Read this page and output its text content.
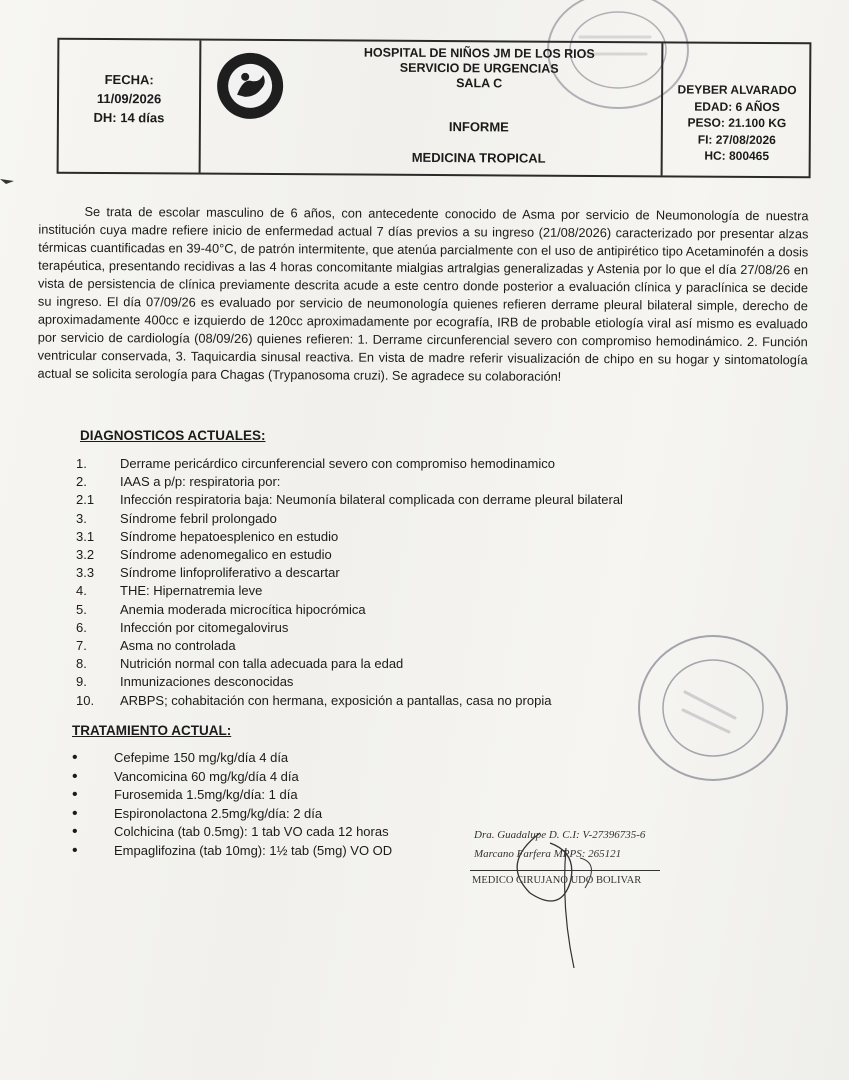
FECHA:
11/09/2026
DH: 14 días
HOSPITAL DE NIÑOS JM DE LOS RIOS
SERVICIO DE URGENCIAS
SALA C
INFORME
MEDICINA TROPICAL
DEYBER ALVARADO
EDAD: 6 AÑOS
PESO: 21.100 KG
FI: 27/08/2026
HC: 800465

Se trata de escolar masculino de 6 años, con antecedente conocido de Asma por servicio de Neumonología de nuestra institución cuya madre refiere inicio de enfermedad actual 7 días previos a su ingreso (21/08/2026) caracterizado por presentar alzas térmicas cuantificadas en 39-40°C, de patrón intermitente, que atenúa parcialmente con el uso de antipirético tipo Acetaminofén a dosis terapéutica, presentando recidivas a las 4 horas concomitante mialgias artralgias generalizadas y Astenia por lo que el día 27/08/26 en vista de persistencia de clínica previamente descrita acude a este centro donde posterior a evaluación clínica y paraclínica se decide su ingreso. El día 07/09/26 es evaluado por servicio de neumonología quienes refieren derrame pleural bilateral simple, derecho de aproximadamente 400cc e izquierdo de 120cc aproximadamente por ecografía, IRB de probable etiología viral así mismo es evaluado por servicio de cardiología (08/09/26) quienes refieren: 1. Derrame circunferencial severo con compromiso hemodinámico. 2. Función ventricular conservada, 3. Taquicardia sinusal reactiva. En vista de madre referir visualización de chipo en su hogar y sintomatología actual se solicita serología para Chagas (Trypanosoma cruzi). Se agradece su colaboración!

DIAGNOSTICOS ACTUALES:
1.	Derrame pericárdico circunferencial severo con compromiso hemodinamico
2.	IAAS a p/p: respiratoria por:
2.1	Infección respiratoria baja: Neumonía bilateral complicada con derrame pleural bilateral
3.	Síndrome febril prolongado
3.1	Síndrome hepatoesplenico en estudio
3.2	Síndrome adenomegalico en estudio
3.3	Síndrome linfoproliferativo a descartar
4.	THE: Hipernatremia leve
5.	Anemia moderada microcítica hipocrómica
6.	Infección por citomegalovirus
7.	Asma no controlada
8.	Nutrición normal con talla adecuada para la edad
9.	Inmunizaciones desconocidas
10.	ARBPS; cohabitación con hermana, exposición a pantallas, casa no propia
TRATAMIENTO ACTUAL:
•	Cefepime 150 mg/kg/día 4 día
•	Vancomicina 60 mg/kg/día 4 día
•	Furosemida 1.5mg/kg/día: 1 día
•	Espironolactona 2.5mg/kg/día: 2 día
•	Colchicina (tab 0.5mg): 1 tab VO cada 12 horas
•	Empaglifozina (tab 10mg): 1½ tab (5mg) VO OD
Dra. Guadalupe D. C.I: V-27396735-6
Marcano Farfera MPPS: 265121
MEDICO CIRUJANO UDO BOLIVAR
